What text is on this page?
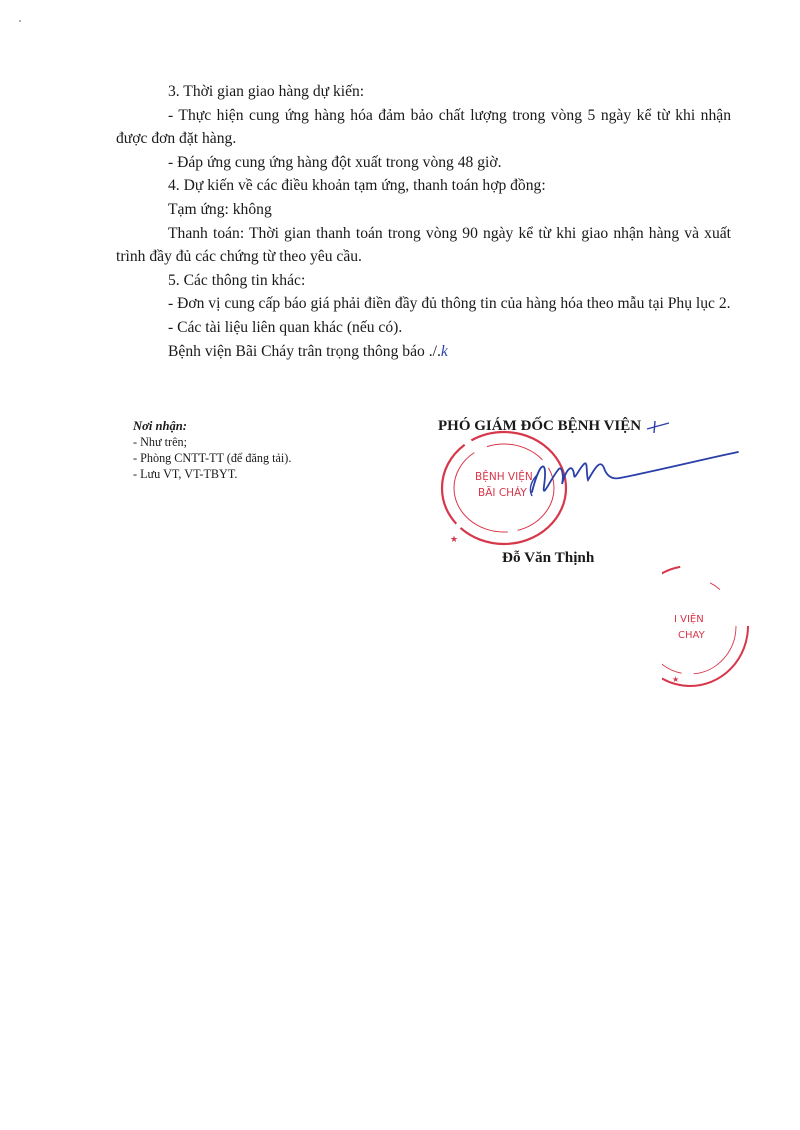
3. Thời gian giao hàng dự kiến:

- Thực hiện cung ứng hàng hóa đảm bảo chất lượng trong vòng 5 ngày kể từ khi nhận được đơn đặt hàng.

- Đáp ứng cung ứng hàng đột xuất trong vòng 48 giờ.

4. Dự kiến về các điều khoản tạm ứng, thanh toán hợp đồng:

Tạm ứng: không

Thanh toán: Thời gian thanh toán trong vòng 90 ngày kể từ khi giao nhận hàng và xuất trình đầy đủ các chứng từ theo yêu cầu.

5. Các thông tin khác:

- Đơn vị cung cấp báo giá phải điền đầy đủ thông tin của hàng hóa theo mẫu tại Phụ lục 2.

- Các tài liệu liên quan khác (nếu có).

Bệnh viện Bãi Cháy trân trọng thông báo ./.k

Nơi nhận:
- Như trên;
- Phòng CNTT-TT (để đăng tải).
- Lưu VT, VT-TBYT.
PHÓ GIÁM ĐỐC BỆNH VIỆN
BỆNH VIỆN
BÃI CHÁY
★
Đỗ Văn Thịnh
I VIỆN
CHAY
★
